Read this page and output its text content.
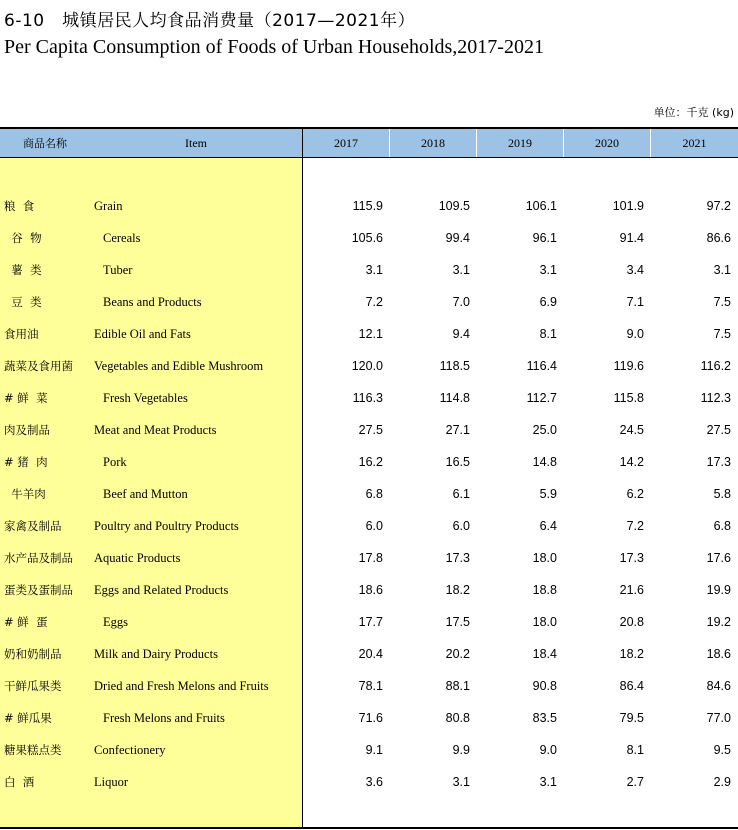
6-10　城镇居民人均食品消费量（2017—2021年）
Per Capita Consumption of Foods of Urban Households,2017-2021
单位：千克 (kg)
商品名称	Item	2017	2018	2019	2020	2021
粮  食	Grain	115.9	109.5	106.1	101.9	97.2
谷  物	Cereals	105.6	99.4	96.1	91.4	86.6
薯  类	Tuber	3.1	3.1	3.1	3.4	3.1
豆  类	Beans and Products	7.2	7.0	6.9	7.1	7.5
食用油	Edible Oil and Fats	12.1	9.4	8.1	9.0	7.5
蔬菜及食用菌 Vegetables and Edible Mushroom	120.0	118.5	116.4	119.6	116.2
# 鲜  菜	Fresh Vegetables	116.3	114.8	112.7	115.8	112.3
肉及制品	Meat and Meat Products	27.5	27.1	25.0	24.5	27.5
# 猪  肉	Pork	16.2	16.5	14.8	14.2	17.3
牛羊肉	Beef and Mutton	6.8	6.1	5.9	6.2	5.8
家禽及制品	Poultry and Poultry Products	6.0	6.0	6.4	7.2	6.8
水产品及制品 Aquatic Products	17.8	17.3	18.0	17.3	17.6
蛋类及蛋制品 Eggs and Related Products	18.6	18.2	18.8	21.6	19.9
# 鲜  蛋	Eggs	17.7	17.5	18.0	20.8	19.2
奶和奶制品	Milk and Dairy Products	20.4	20.2	18.4	18.2	18.6
干鲜瓜果类	Dried and Fresh Melons and Fruits	78.1	88.1	90.8	86.4	84.6
# 鲜瓜果	Fresh Melons and Fruits	71.6	80.8	83.5	79.5	77.0
糖果糕点类	Confectionery	9.1	9.9	9.0	8.1	9.5
白  酒	Liquor	3.6	3.1	3.1	2.7	2.9
